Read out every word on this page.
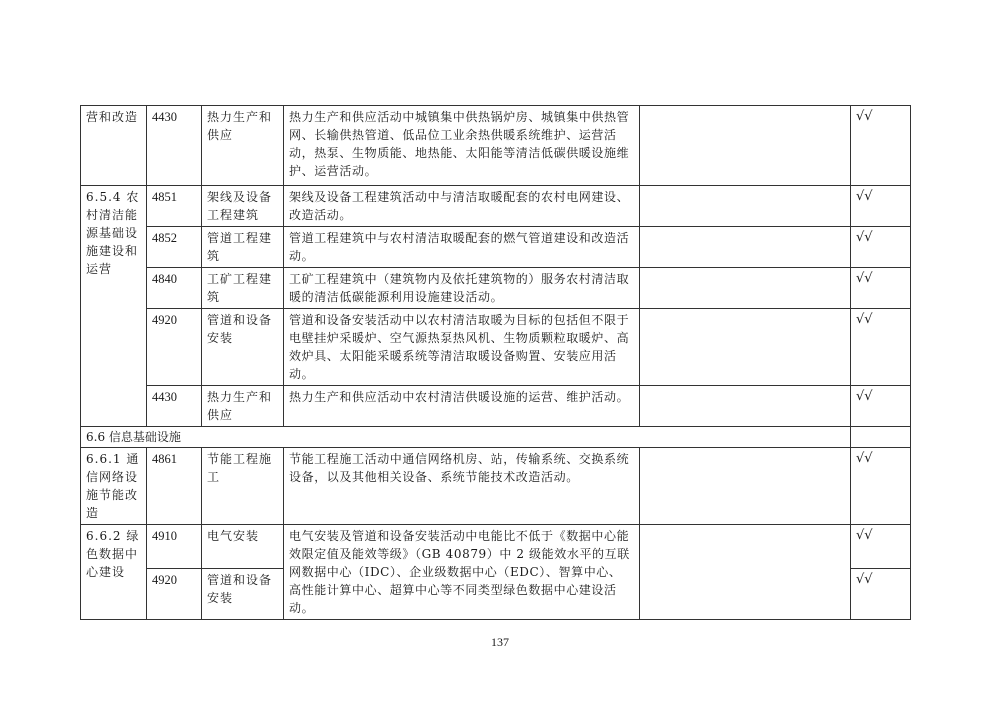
营和改造	4430	热力生产和供应	热力生产和供应活动中城镇集中供热锅炉房、城镇集中供热管网、长输供热管道、低品位工业余热供暖系统维护、运营活动，热泵、生物质能、地热能、太阳能等清洁低碳供暖设施维护、运营活动。		√√
6.5.4 农村清洁能源基础设施建设和运营	4851	架线及设备工程建筑	架线及设备工程建筑活动中与清洁取暖配套的农村电网建设、改造活动。		√√
	4852	管道工程建筑	管道工程建筑中与农村清洁取暖配套的燃气管道建设和改造活动。		√√
	4840	工矿工程建筑	工矿工程建筑中（建筑物内及依托建筑物的）服务农村清洁取暖的清洁低碳能源利用设施建设活动。		√√
	4920	管道和设备安装	管道和设备安装活动中以农村清洁取暖为目标的包括但不限于电壁挂炉采暖炉、空气源热泵热风机、生物质颗粒取暖炉、高效炉具、太阳能采暖系统等清洁取暖设备购置、安装应用活动。		√√
	4430	热力生产和供应	热力生产和供应活动中农村清洁供暖设施的运营、维护活动。		√√
6.6 信息基础设施					
6.6.1 通信网络设施节能改造	4861	节能工程施工	节能工程施工活动中通信网络机房、站，传输系统、交换系统设备，以及其他相关设备、系统节能技术改造活动。		√√
6.6.2 绿色数据中心建设	4910	电气安装	电气安装及管道和设备安装活动中电能比不低于《数据中心能效限定值及能效等级》（GB 40879）中 2 级能效水平的互联网数据中心（IDC）、企业级数据中心（EDC）、智算中心、高性能计算中心、超算中心等不同类型绿色数据中心建设活动。		√√
	4920	管道和设备安装			√√
137
